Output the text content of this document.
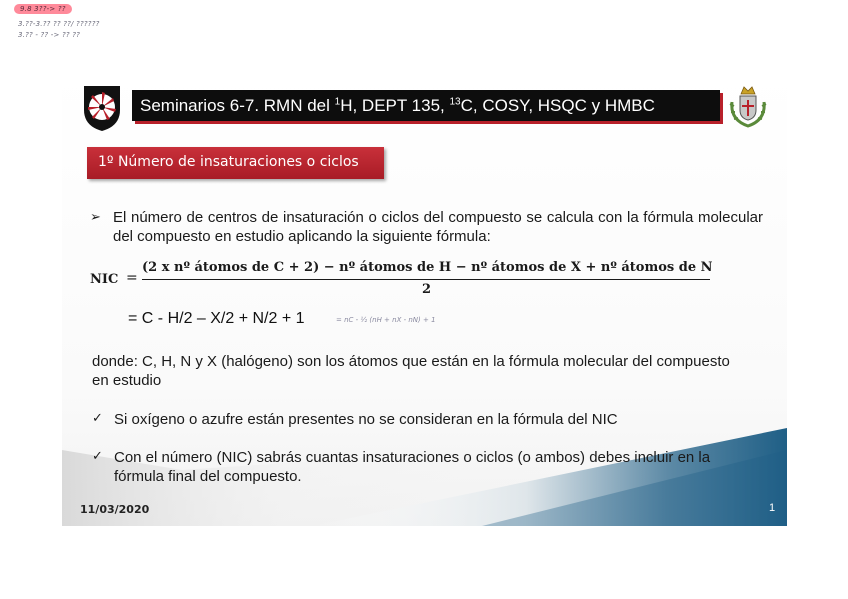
9.8 3??-> ??
3.??-3.?? ?? ??/ ??????
3.?? - ?? -> ?? ??
Seminarios 6-7. RMN del $^1$H, DEPT 135, $^{13}$C, COSY, HSQC y HMBC
1º Número de insaturaciones o ciclos
➢ El número de centros de insaturación o ciclos del compuesto se calcula con la fórmula molecular del compuesto en estudio aplicando la siguiente fórmula:
NIC =
(2 x nº átomos de C + 2) − nº átomos de H − nº átomos de X + nº átomos de N
2
= C - H/2 – X/2 + N/2 + 1	= nC - ½ (nH + nX - nN) + 1
donde: C, H, N y X (halógeno) son los átomos que están en la fórmula molecular del compuesto en estudio
✓ Si oxígeno o azufre están presentes no se consideran en la fórmula del NIC
✓ Con el número (NIC) sabrás cuantas insaturaciones o ciclos (o ambos) debes incluir en la fórmula final del compuesto.
11/03/2020	1
